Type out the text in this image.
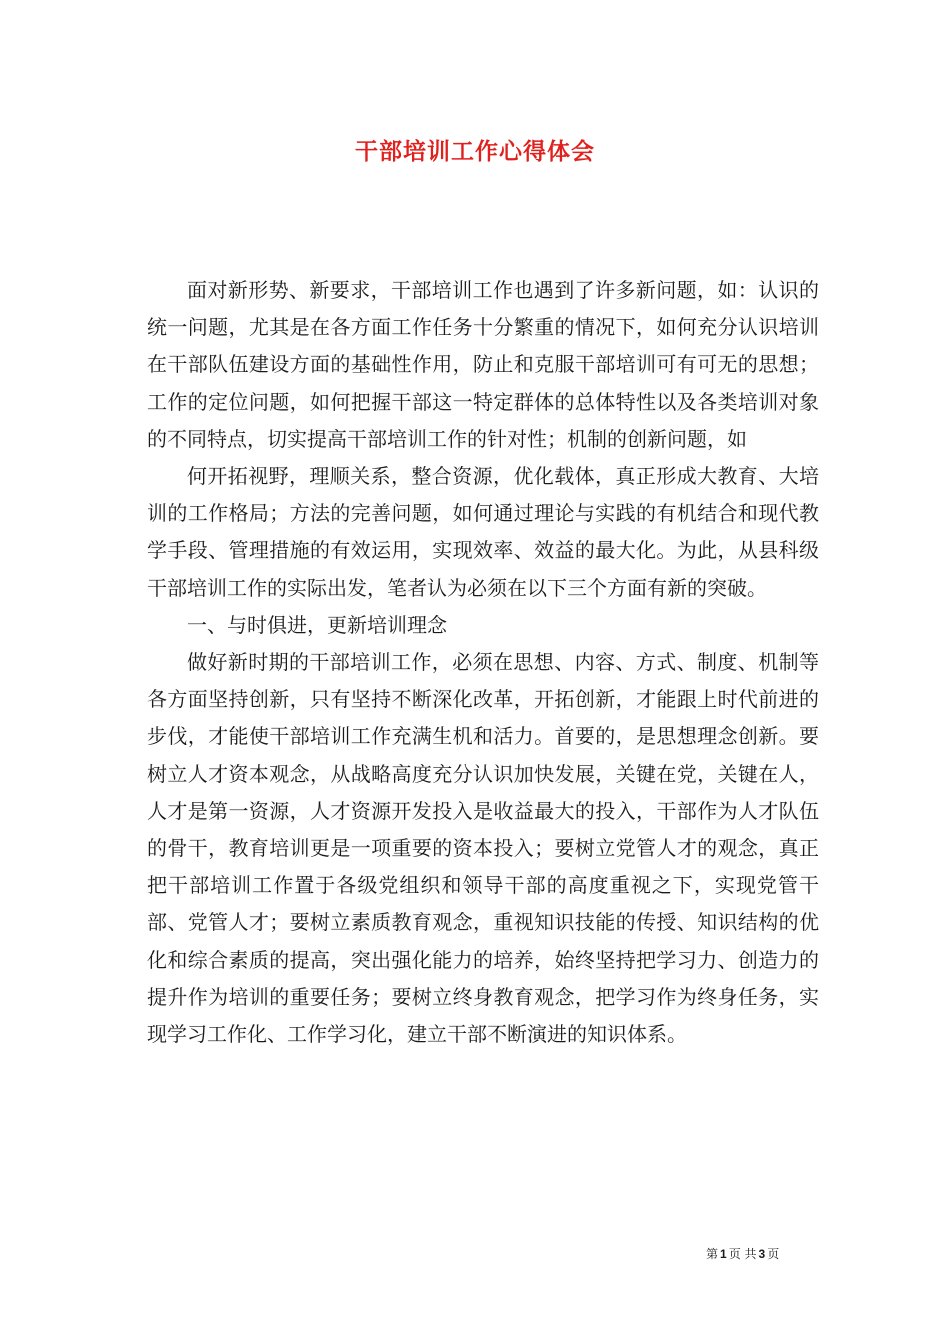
干部培训工作心得体会

面对新形势、新要求，干部培训工作也遇到了许多新问题，如：认识的统一问题，尤其是在各方面工作任务十分繁重的情况下，如何充分认识培训在干部队伍建设方面的基础性作用，防止和克服干部培训可有可无的思想；工作的定位问题，如何把握干部这一特定群体的总体特性以及各类培训对象的不同特点，切实提高干部培训工作的针对性；机制的创新问题，如

何开拓视野，理顺关系，整合资源，优化载体，真正形成大教育、大培训的工作格局；方法的完善问题，如何通过理论与实践的有机结合和现代教学手段、管理措施的有效运用，实现效率、效益的最大化。为此，从县科级干部培训工作的实际出发，笔者认为必须在以下三个方面有新的突破。

一、与时俱进，更新培训理念

做好新时期的干部培训工作，必须在思想、内容、方式、制度、机制等各方面坚持创新，只有坚持不断深化改革，开拓创新，才能跟上时代前进的步伐，才能使干部培训工作充满生机和活力。首要的，是思想理念创新。要树立人才资本观念，从战略高度充分认识加快发展，关键在党，关键在人，人才是第一资源，人才资源开发投入是收益最大的投入，干部作为人才队伍的骨干，教育培训更是一项重要的资本投入；要树立党管人才的观念，真正把干部培训工作置于各级党组织和领导干部的高度重视之下，实现党管干部、党管人才；要树立素质教育观念，重视知识技能的传授、知识结构的优化和综合素质的提高，突出强化能力的培养，始终坚持把学习力、创造力的提升作为培训的重要任务；要树立终身教育观念，把学习作为终身任务，实现学习工作化、工作学习化，建立干部不断演进的知识体系。

第 1 页 共 3 页
